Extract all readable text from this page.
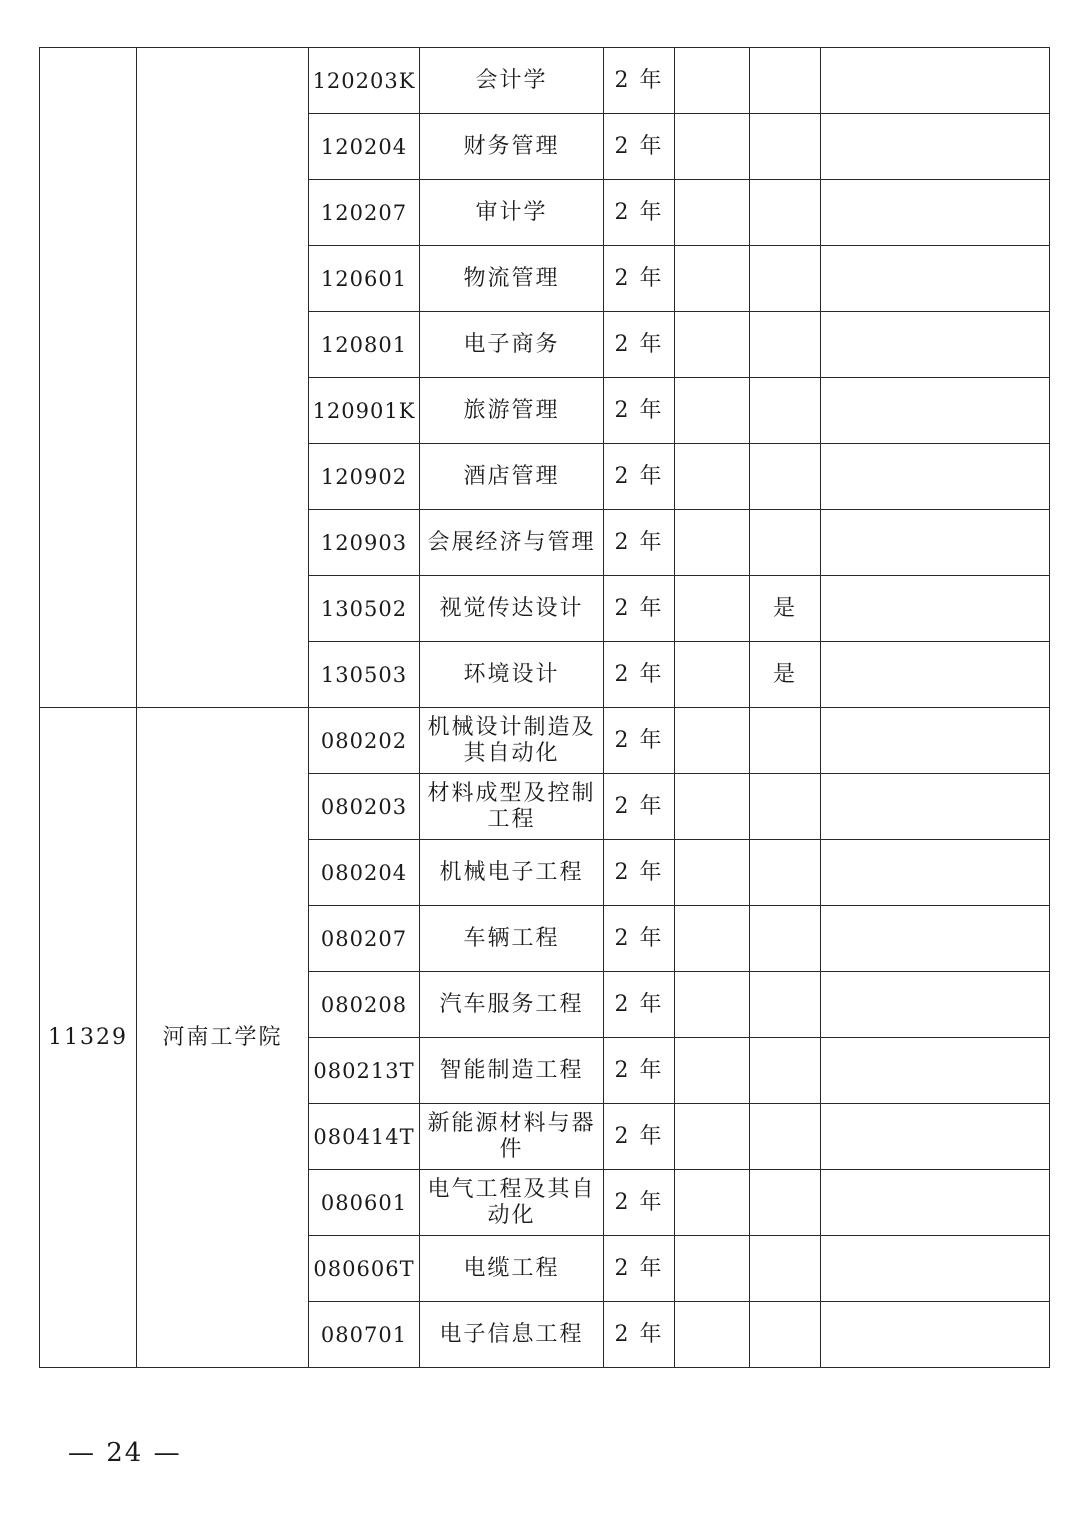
		120203K	会计学	2 年				
		120204	财务管理	2 年				
		120207	审计学	2 年				
		120601	物流管理	2 年				
		120801	电子商务	2 年				
		120901K	旅游管理	2 年				
		120902	酒店管理	2 年				
		120903	会展经济与管理	2 年				
		130502	视觉传达设计	2 年		是		
		130503	环境设计	2 年		是		
11329	河南工学院	080202	机械设计制造及
其自动化	2 年				
		080203	材料成型及控制
工程	2 年				
		080204	机械电子工程	2 年				
		080207	车辆工程	2 年				
		080208	汽车服务工程	2 年				
		080213T	智能制造工程	2 年				
		080414T	新能源材料与器件	2 年				
		080601	电气工程及其自
动化	2 年				
		080606T	电缆工程	2 年				
		080701	电子信息工程	2 年				
— 24 —
